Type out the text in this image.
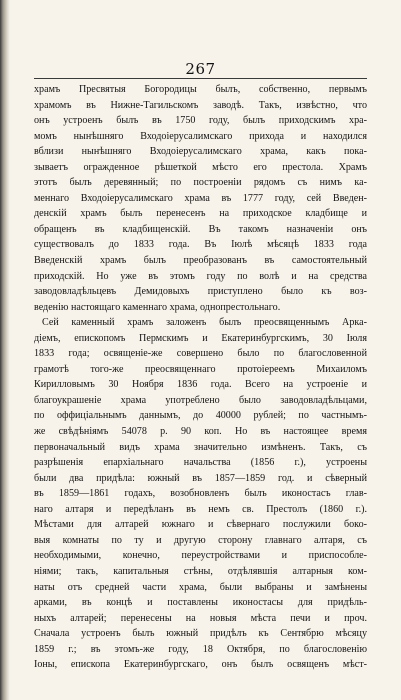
267
храмъ Пресвятыя Богородицы былъ, собственно, первымъ
храмомъ въ Нижне-Тагильскомъ заводѣ. Такъ, извѣстно, что
онъ устроенъ былъ въ 1750 году, былъ приходскимъ хра-
момъ нынѣшняго Входоіерусалимскаго прихода и находился
вблизи нынѣшняго Входоіерусалимскаго храма, какъ пока-
зываетъ огражденное рѣшеткой мѣсто его престола. Храмъ
этотъ былъ деревянный; по построеніи рядомъ съ нимъ ка-
меннаго Входоіерусалимскаго храма въ 1777 году, сей Введен-
денскій храмъ былъ перенесенъ на приходское кладбище и
обращенъ въ кладбищенскій. Въ такомъ назначеніи онъ
существовалъ до 1833 года. Въ Іюлѣ мѣсяцѣ 1833 года
Введенскій храмъ былъ преобразованъ въ самостоятельный
приходскій. Но уже въ этомъ году по волѣ и на средства
заводовладѣльцевъ Демидовыхъ приступлено было къ воз-
веденію настоящаго каменнаго храма, однопрестольнаго.
Сей каменный храмъ заложенъ былъ преосвященнымъ Арка-
діемъ, епископомъ Пермскимъ и Екатеринбургскимъ, 30 Іюля
1833 года; освященіе-же совершено было по благословенной
грамотѣ того-же преосвященнаго протоіереемъ Михаиломъ
Кирилловымъ 30 Ноября 1836 года. Всего на устроеніе и
благоукрашеніе храма употреблено было заводовладѣльцами,
по оффиціальнымъ даннымъ, до 40000 рублей; по частнымъ-
же свѣдѣніямъ 54078 р. 90 коп. Но въ настоящее время
первоначальный видъ храма значительно измѣненъ. Такъ, съ
разрѣшенія епархіальнаго начальства (1856 г.), устроены
были два придѣла: южный въ 1857—1859 год. и сѣверный
въ 1859—1861 годахъ, возобновленъ былъ иконостасъ глав-
наго алтаря и передѣланъ въ немъ св. Престолъ (1860 г.).
Мѣстами для алтарей южнаго и сѣвернаго послужили боко-
выя комнаты по ту и другую сторону главнаго алтаря, съ
необходимыми, конечно, переустройствами и приспособле-
ніями; такъ, капитальныя стѣны, отдѣлявшія алтарныя ком-
наты отъ средней части храма, были выбраны и замѣнены
арками, въ концѣ и поставлены иконостасы для придѣль-
ныхъ алтарей; перенесены на новыя мѣста печи и проч.
Сначала устроенъ былъ южный придѣлъ къ Сентябрю мѣсяцу
1859 г.; въ этомъ-же году, 18 Октября, по благословенію
Іоны, епископа Екатеринбургскаго, онъ былъ освященъ мѣст-
